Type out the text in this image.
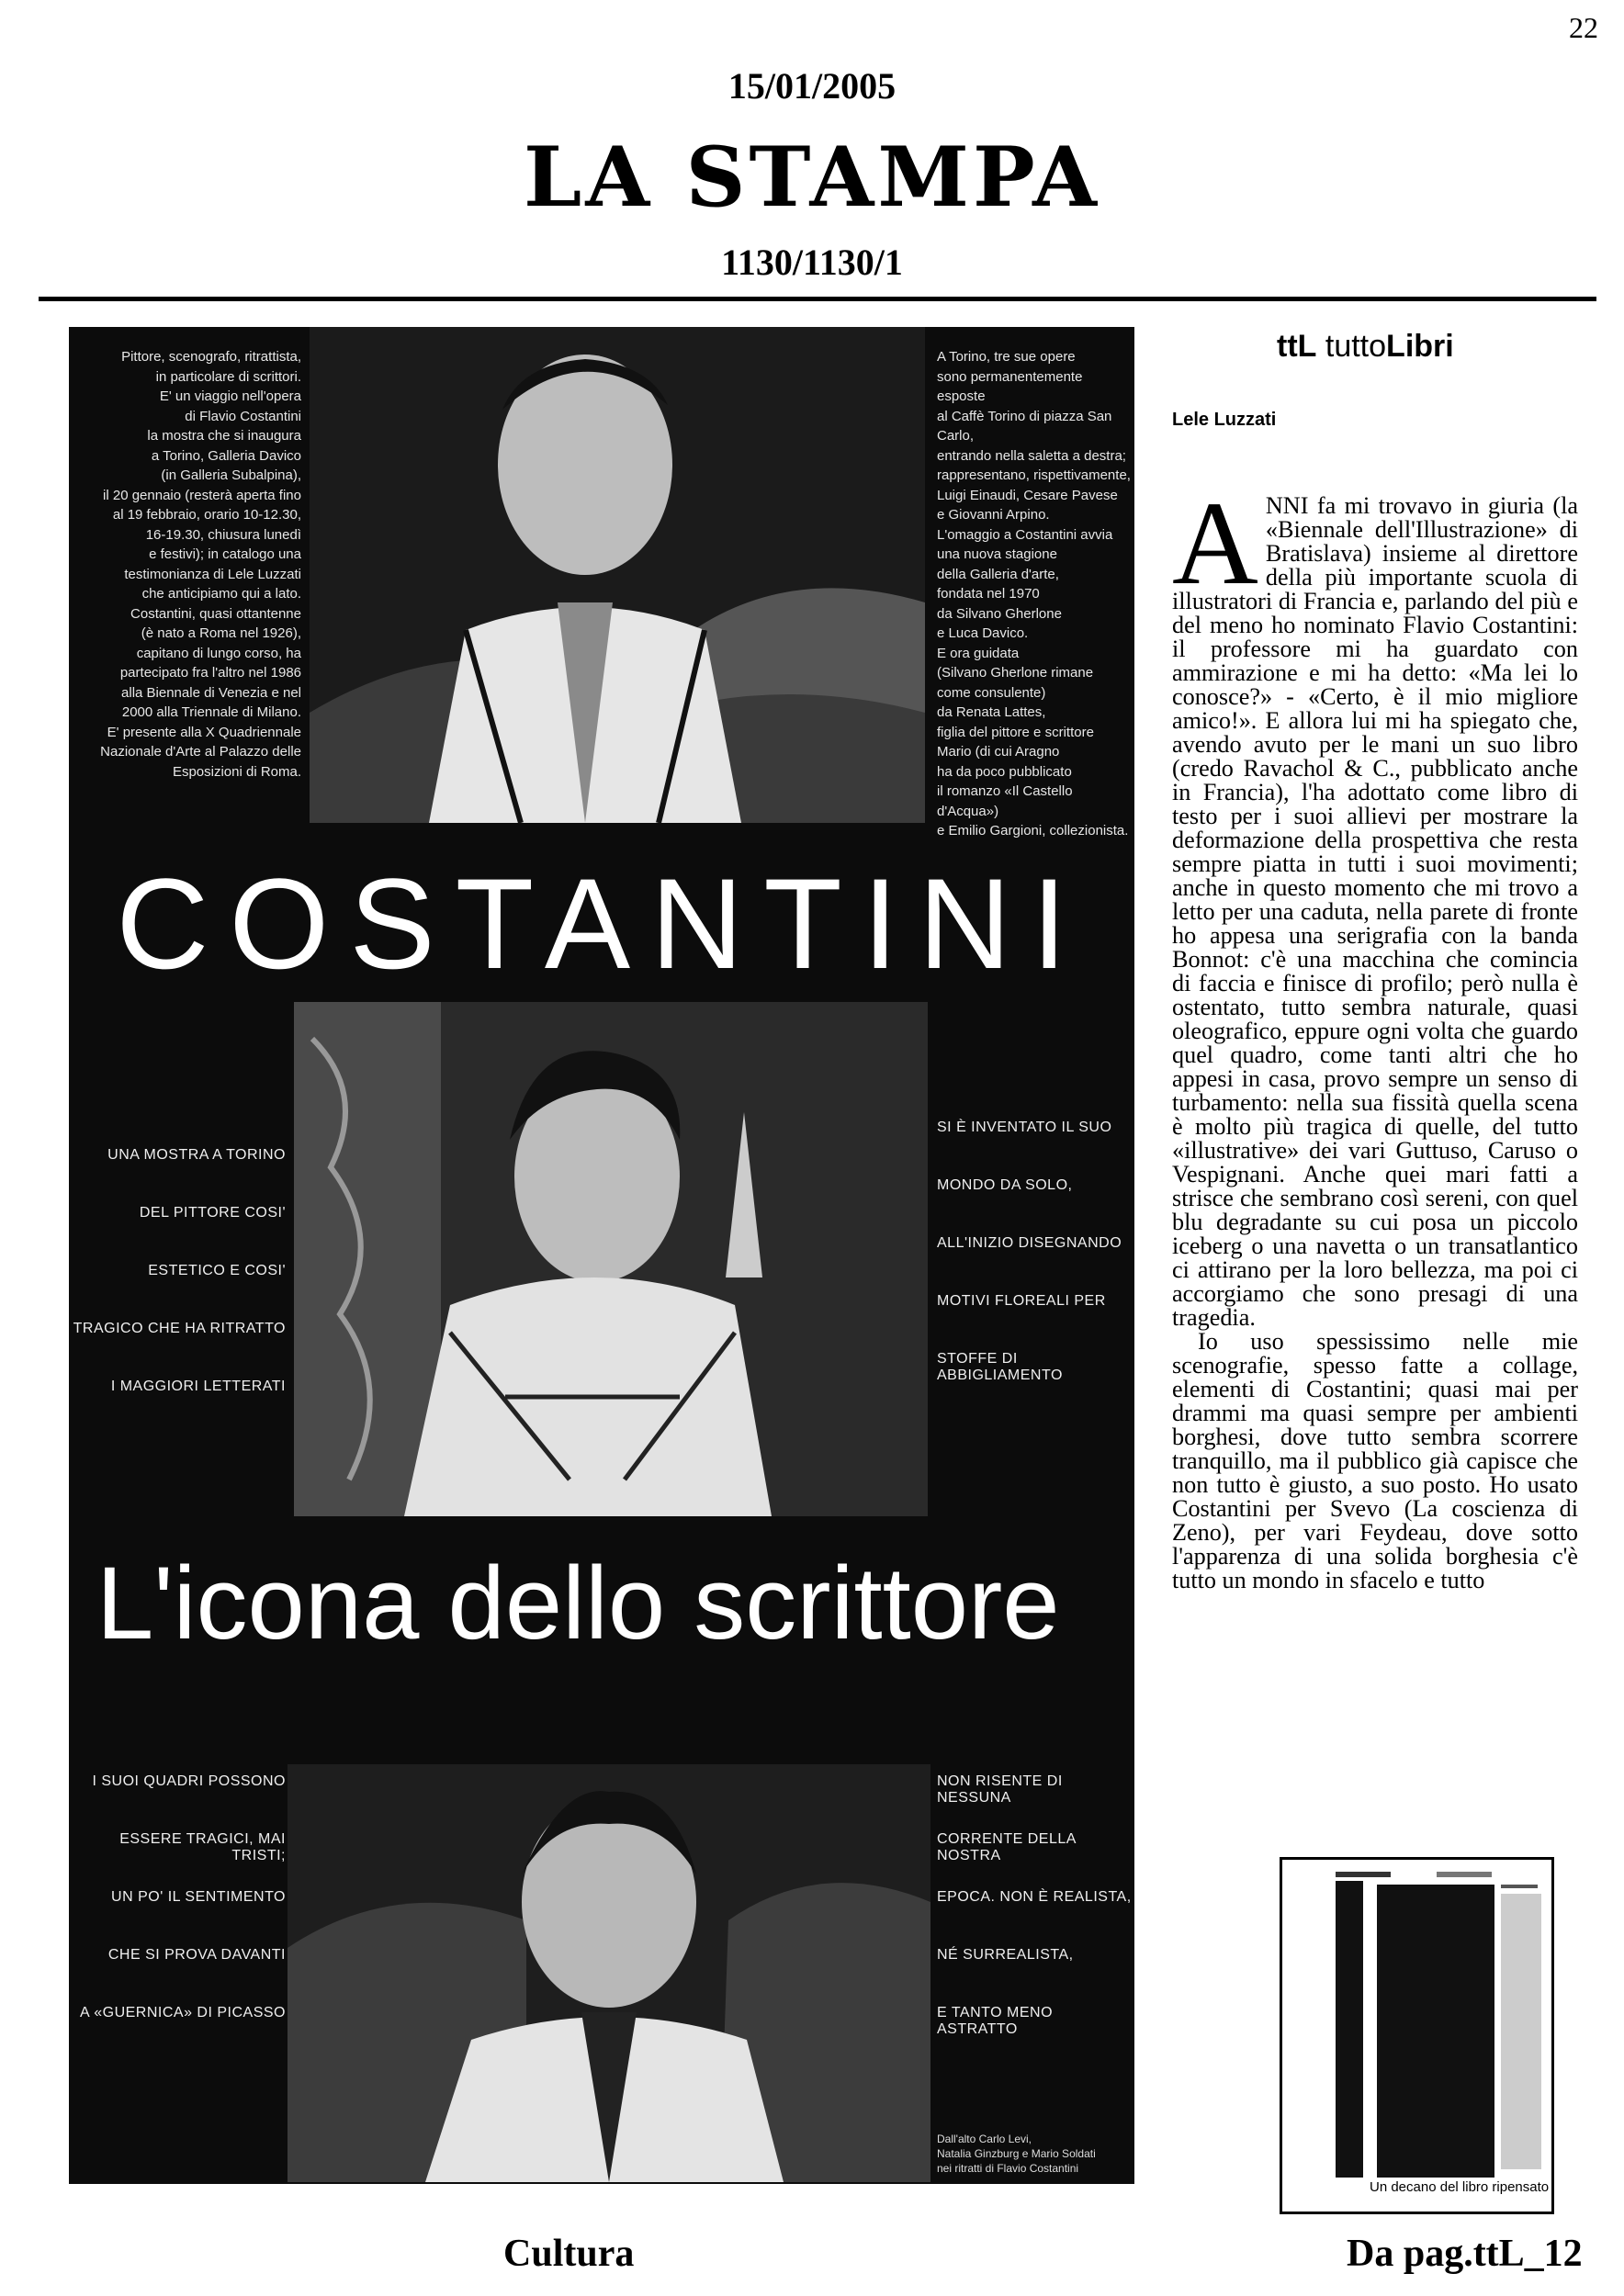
22
15/01/2005
LA STAMPA
1130/1130/1

Pittore, scenografo, ritrattista,

in particolare di scrittori.

E' un viaggio nell'opera

di Flavio Costantini

la mostra che si inaugura

a Torino, Galleria Davico

(in Galleria Subalpina),

il 20 gennaio (resterà aperta fino

al 19 febbraio, orario 10-12.30,

16-19.30, chiusura lunedì

e festivi); in catalogo una

testimonianza di Lele Luzzati

che anticipiamo qui a lato.

Costantini, quasi ottantenne

(è nato a Roma nel 1926),

capitano di lungo corso, ha

partecipato fra l'altro nel 1986

alla Biennale di Venezia e nel

2000 alla Triennale di Milano.

E' presente alla X Quadriennale

Nazionale d'Arte al Palazzo delle

Esposizioni di Roma.

A Torino, tre sue opere

sono permanentemente esposte

al Caffè Torino di piazza San Carlo,

entrando nella saletta a destra;

rappresentano, rispettivamente,

Luigi Einaudi, Cesare Pavese

e Giovanni Arpino.

L'omaggio a Costantini avvia

una nuova stagione

della Galleria d'arte,

fondata nel 1970

da Silvano Gherlone

e Luca Davico.

E ora guidata

(Silvano Gherlone rimane

come consulente)

da Renata Lattes,

figlia del pittore e scrittore

Mario (di cui Aragno

ha da poco pubblicato

il romanzo «Il Castello d'Acqua»)

e Emilio Gargioni, collezionista.

COSTANTINI
UNA MOSTRA A TORINO
DEL PITTORE COSI'
ESTETICO E COSI'
TRAGICO CHE HA RITRATTO
I MAGGIORI LETTERATI
SI È INVENTATO IL SUO
MONDO DA SOLO,
ALL'INIZIO DISEGNANDO
MOTIVI FLOREALI PER
STOFFE DI ABBIGLIAMENTO
L'icona dello scrittore
I SUOI QUADRI POSSONO
ESSERE TRAGICI, MAI TRISTI;
UN PO' IL SENTIMENTO
CHE SI PROVA DAVANTI
A «GUERNICA» DI PICASSO
NON RISENTE DI NESSUNA
CORRENTE DELLA NOSTRA
EPOCA. NON È REALISTA,
NÉ SURREALISTA,
E TANTO MENO ASTRATTO
Dall'alto Carlo Levi,
Natalia Ginzburg e Mario Soldati
nei ritratti di Flavio Costantini
ttL tuttoLibri
Lele Luzzati

ANNI fa mi trovavo in giuria (la «Biennale dell'Illustrazione» di Bratislava) insieme al direttore della più importante scuola di illustratori di Francia e, parlando del più e del meno ho nominato Flavio Costantini: il professore mi ha guardato con ammirazione e mi ha detto: «Ma lei lo conosce?» - «Certo, è il mio migliore amico!». E allora lui mi ha spiegato che, avendo avuto per le mani un suo libro (credo Ravachol & C., pubblicato anche in Francia), l'ha adottato come libro di testo per i suoi allievi per mostrare la deformazione della prospettiva che resta sempre piatta in tutti i suoi movimenti; anche in questo momento che mi trovo a letto per una caduta, nella parete di fronte ho appesa una serigrafia con la banda Bonnot: c'è una macchina che comincia di faccia e finisce di profilo; però nulla è ostentato, tutto sembra naturale, quasi oleografico, eppure ogni volta che guardo quel quadro, come tanti altri che ho appesi in casa, provo sempre un senso di turbamento: nella sua fissità quella scena è molto più tragica di quelle, del tutto «illustrative» dei vari Guttuso, Caruso o Vespignani. Anche quei mari fatti a strisce che sembrano così sereni, con quel blu degradante su cui posa un piccolo iceberg o una navetta o un transatlantico ci attirano per la loro bellezza, ma poi ci accorgiamo che sono presagi di una tragedia.

Io uso spessissimo nelle mie scenografie, spesso fatte a collage, elementi di Costantini; quasi mai per drammi ma quasi sempre per ambienti borghesi, dove tutto sembra scorrere tranquillo, ma il pubblico già capisce che non tutto è giusto, a suo posto. Ho usato Costantini per Svevo (La coscienza di Zeno), per vari Feydeau, dove sotto l'apparenza di una solida borghesia c'è tutto un mondo in sfacelo e tutto

Un decano del libro ripensato
Cultura	Da pag.ttL_12
